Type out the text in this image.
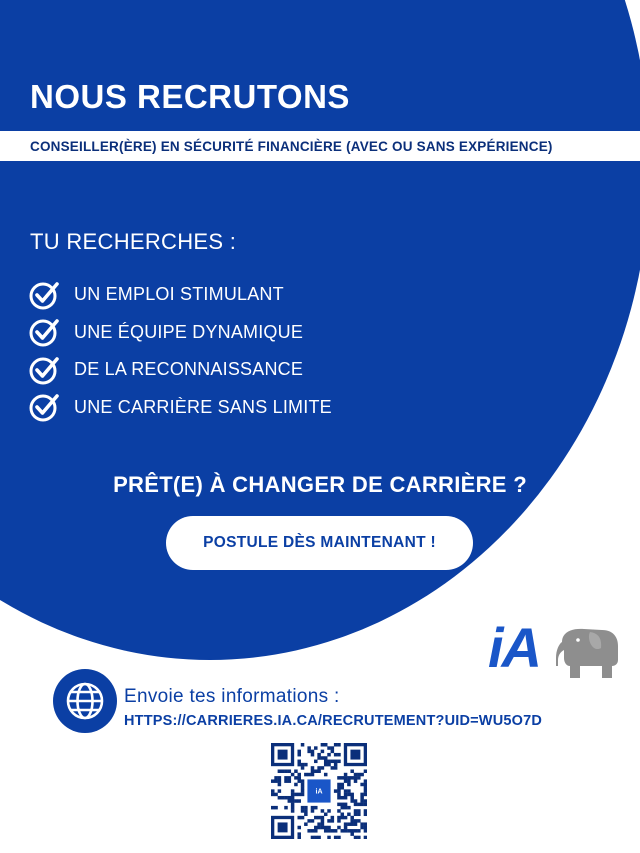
NOUS RECRUTONS
CONSEILLER(ÈRE) EN SÉCURITÉ FINANCIÈRE (AVEC OU SANS EXPÉRIENCE)
TU RECHERCHES :
UN EMPLOI STIMULANT
UNE ÉQUIPE DYNAMIQUE
DE LA RECONNAISSANCE
UNE CARRIÈRE SANS LIMITE
PRÊT(E) À CHANGER DE CARRIÈRE ?
POSTULE DÈS MAINTENANT !
iA
Envoie tes informations :
HTTPS://CARRIERES.IA.CA/RECRUTEMENT?UID=WU5O7D
iA
